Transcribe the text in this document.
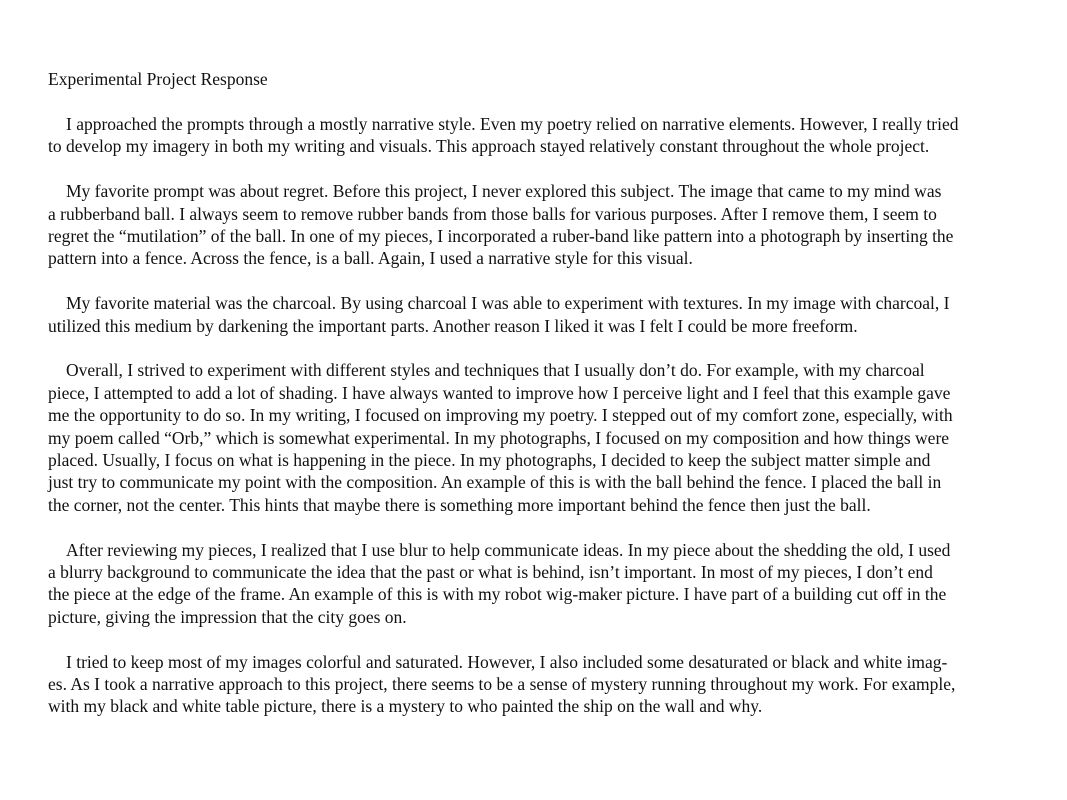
Experimental Project Response
I approached the prompts through a mostly narrative style. Even my poetry relied on narrative elements. However, I really tried
to develop my imagery in both my writing and visuals. This approach stayed relatively constant throughout the whole project.
My favorite prompt was about regret. Before this project, I never explored this subject. The image that came to my mind was
a rubberband ball. I always seem to remove rubber bands from those balls for various purposes. After I remove them, I seem to
regret the “mutilation” of the ball. In one of my pieces, I incorporated a ruber-band like pattern into a photograph by inserting the
pattern into a fence. Across the fence, is a ball. Again, I used a narrative style for this visual.
My favorite material was the charcoal. By using charcoal I was able to experiment with textures. In my image with charcoal, I
utilized this medium by darkening the important parts. Another reason I liked it was I felt I could be more freeform.
Overall, I strived to experiment with different styles and techniques that I usually don’t do. For example, with my charcoal
piece, I attempted to add a lot of shading. I have always wanted to improve how I perceive light and I feel that this example gave
me the opportunity to do so. In my writing, I focused on improving my poetry. I stepped out of my comfort zone, especially, with
my poem called “Orb,” which is somewhat experimental. In my photographs, I focused on my composition and how things were
placed. Usually, I focus on what is happening in the piece. In my photographs, I decided to keep the subject matter simple and
just try to communicate my point with the composition. An example of this is with the ball behind the fence. I placed the ball in
the corner, not the center. This hints that maybe there is something more important behind the fence then just the ball.
After reviewing my pieces, I realized that I use blur to help communicate ideas. In my piece about the shedding the old, I used
a blurry background to communicate the idea that the past or what is behind, isn’t important. In most of my pieces, I don’t end
the piece at the edge of the frame. An example of this is with my robot wig-maker picture. I have part of a building cut off in the
picture, giving the impression that the city goes on.
I tried to keep most of my images colorful and saturated. However, I also included some desaturated or black and white imag-
es. As I took a narrative approach to this project, there seems to be a sense of mystery running throughout my work. For example,
with my black and white table picture, there is a mystery to who painted the ship on the wall and why.
